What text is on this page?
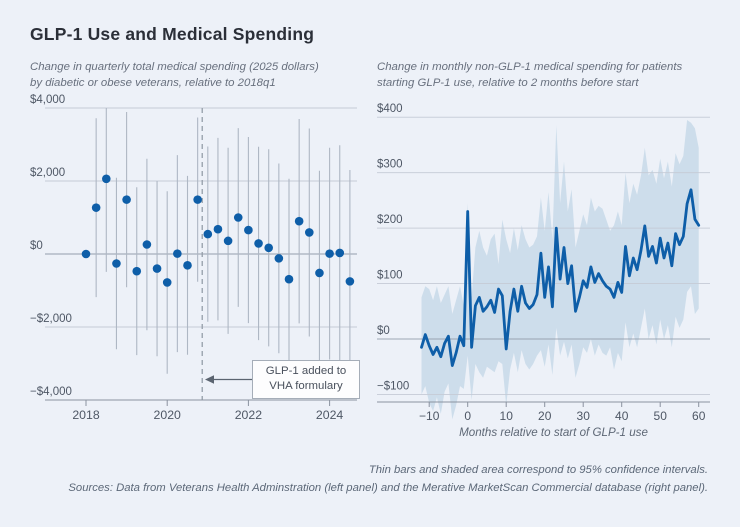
$4,000
$2,000
$0
−$2,000
−$4,000
2018	2020	2022	2024
$400
$300
$200
$100
$0
−$100
−10 0 10 20 30 40 50 60
Months relative to start of GLP-1 use
GLP-1 Use and Medical Spending
Change in quarterly total medical spending (2025 dollars)
by diabetic or obese veterans, relative to 2018q1
Change in monthly non-GLP-1 medical spending for patients
starting GLP-1 use, relative to 2 months before start
GLP-1 added to
VHA formulary
Thin bars and shaded area correspond to 95% confidence intervals.
Sources: Data from Veterans Health Adminstration (left panel) and the Merative MarketScan Commercial database (right panel).
